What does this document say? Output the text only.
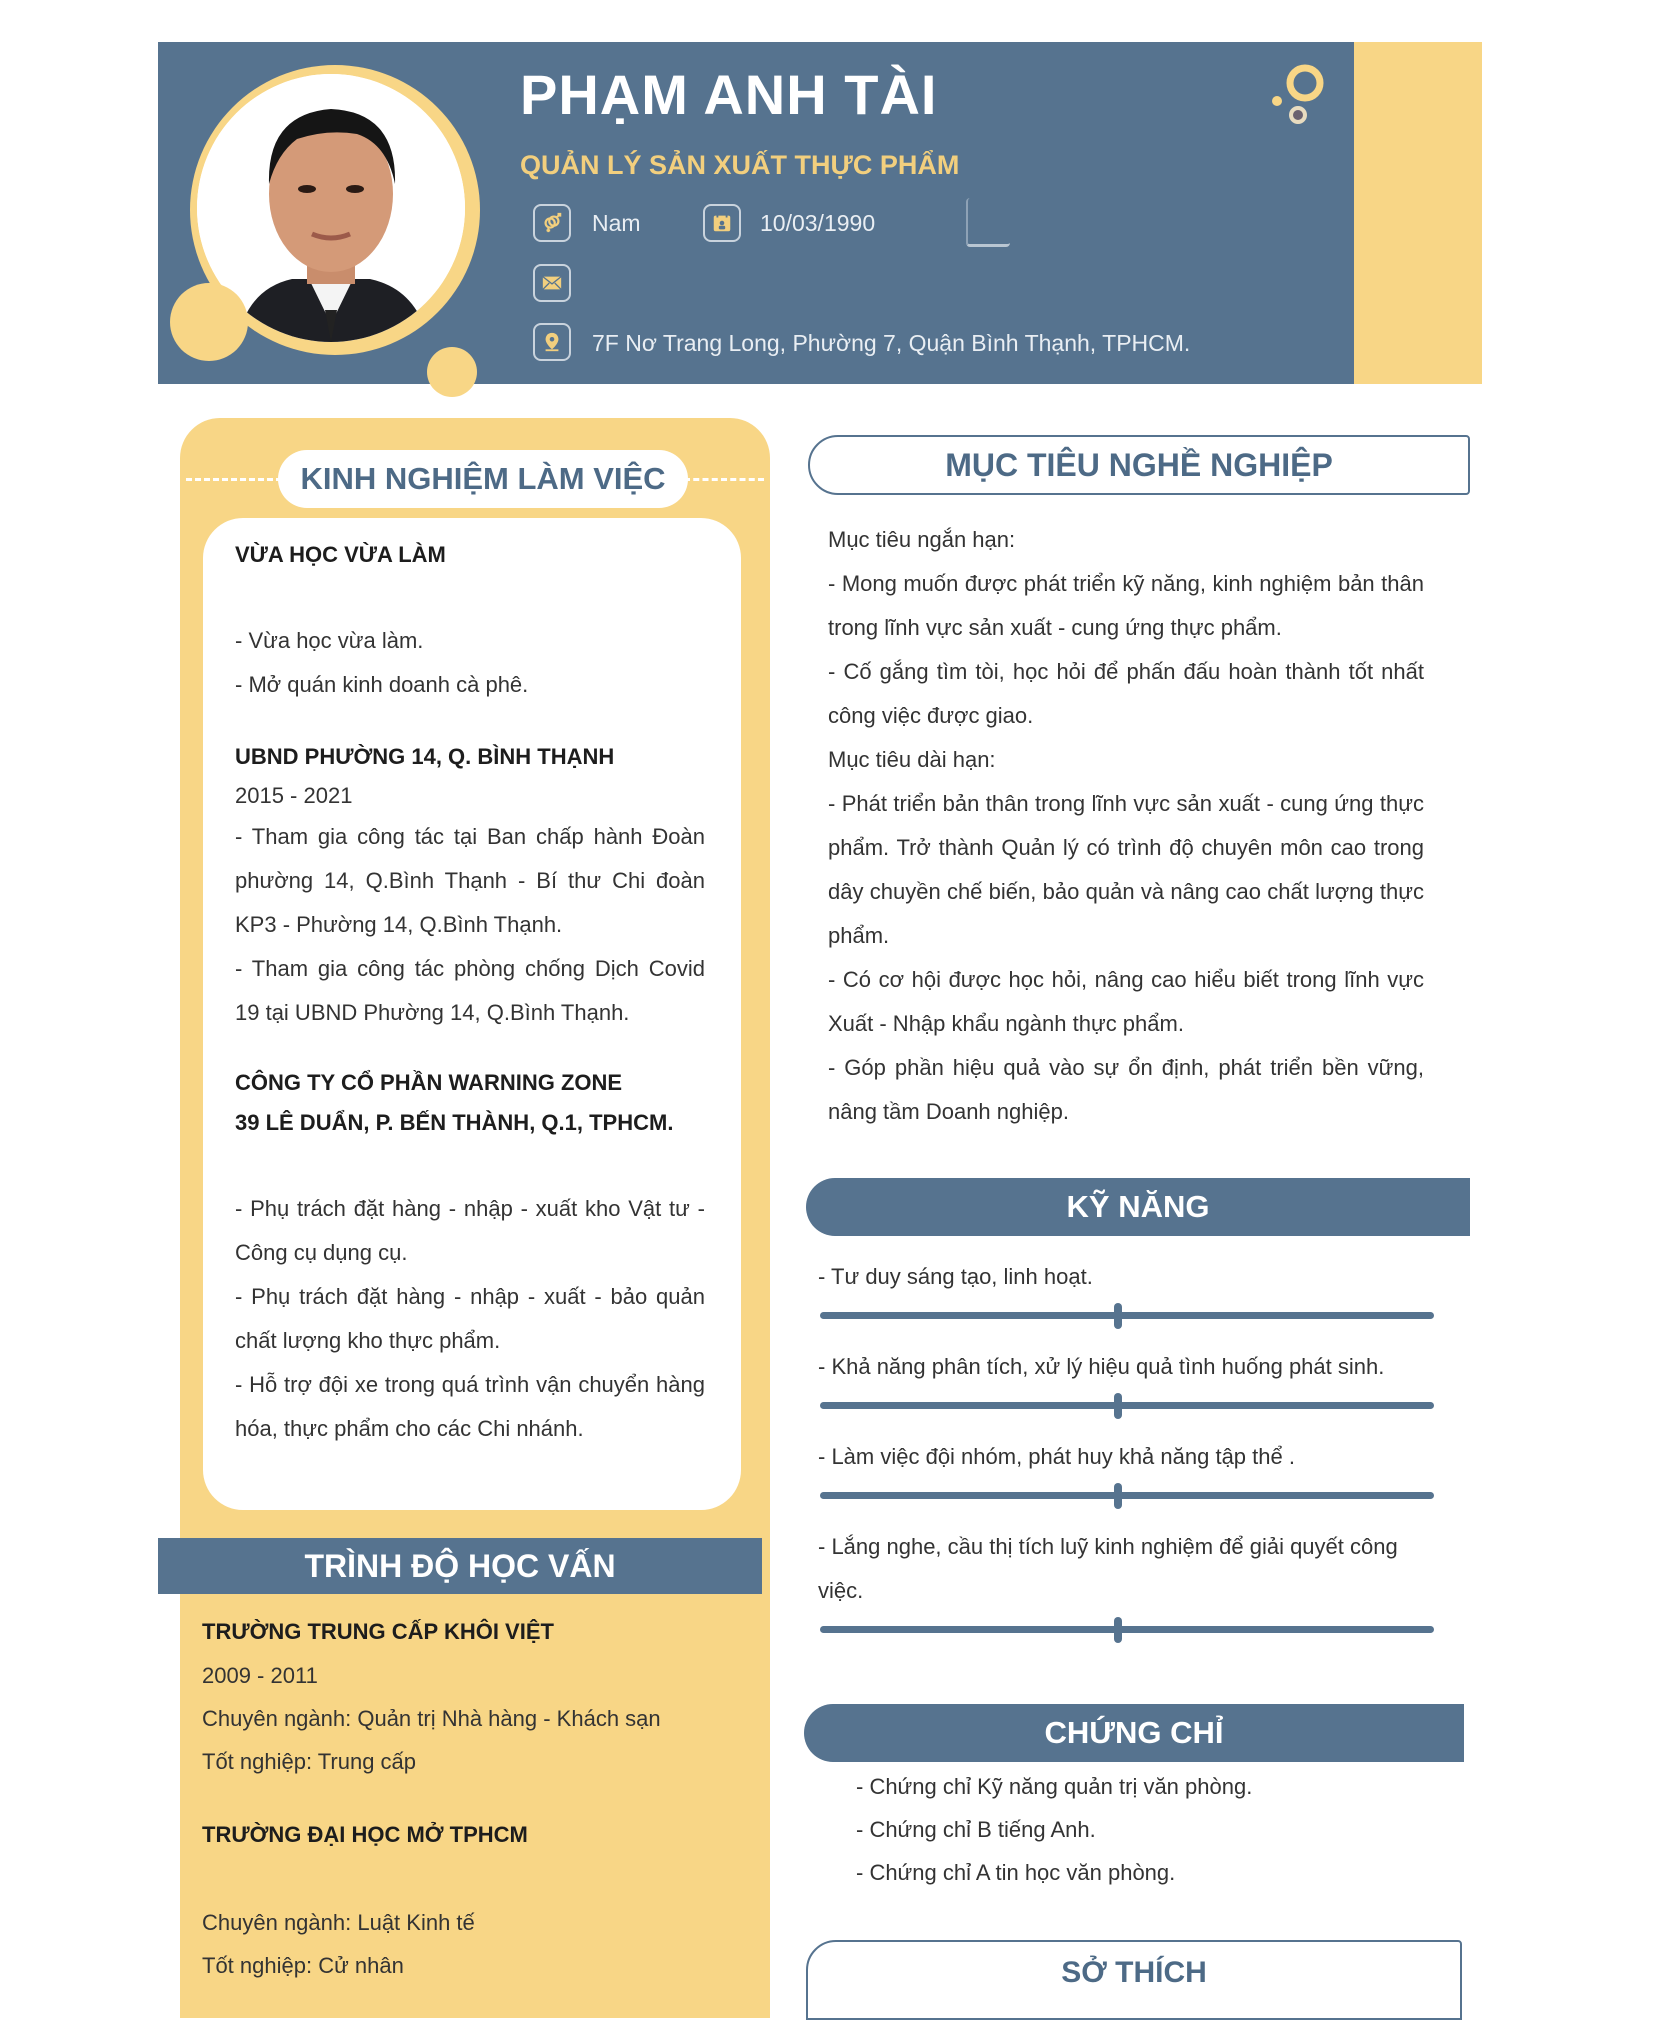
PHẠM ANH TÀI
QUẢN LÝ SẢN XUẤT THỰC PHẨM
Nam	10/03/1990
7F Nơ Trang Long, Phường 7, Quận Bình Thạnh, TPHCM.
KINH NGHIỆM LÀM VIỆC
VỪA HỌC VỪA LÀM
- Vừa học vừa làm.
- Mở quán kinh doanh cà phê.
UBND PHƯỜNG 14, Q. BÌNH THẠNH
2015 - 2021
- Tham gia công tác tại Ban chấp hành Đoàn phường 14, Q.Bình Thạnh - Bí thư Chi đoàn KP3 - Phường 14, Q.Bình Thạnh.
- Tham gia công tác phòng chống Dịch Covid 19 tại UBND Phường 14, Q.Bình Thạnh.
CÔNG TY CỔ PHẦN WARNING ZONE
39 LÊ DUẨN, P. BẾN THÀNH, Q.1, TPHCM.
- Phụ trách đặt hàng - nhập - xuất kho Vật tư - Công cụ dụng cụ.
- Phụ trách đặt hàng - nhập - xuất - bảo quản chất lượng kho thực phẩm.
- Hỗ trợ đội xe trong quá trình vận chuyển hàng hóa, thực phẩm cho các Chi nhánh.
TRÌNH ĐỘ HỌC VẤN
TRƯỜNG TRUNG CẤP KHÔI VIỆT
2009 - 2011
Chuyên ngành: Quản trị Nhà hàng - Khách sạn
Tốt nghiệp: Trung cấp
TRƯỜNG ĐẠI HỌC MỞ TPHCM
Chuyên ngành: Luật Kinh tế
Tốt nghiệp: Cử nhân
MỤC TIÊU NGHỀ NGHIỆP
Mục tiêu ngắn hạn:
- Mong muốn được phát triển kỹ năng, kinh nghiệm bản thân trong lĩnh vực sản xuất - cung ứng thực phẩm.
- Cố gắng tìm tòi, học hỏi để phấn đấu hoàn thành tốt nhất công việc được giao.
Mục tiêu dài hạn:
- Phát triển bản thân trong lĩnh vực sản xuất - cung ứng thực phẩm. Trở thành Quản lý có trình độ chuyên môn cao trong dây chuyền chế biến, bảo quản và nâng cao chất lượng thực phẩm.
- Có cơ hội được học hỏi, nâng cao hiểu biết trong lĩnh vực Xuất - Nhập khẩu ngành thực phẩm.
- Góp phần hiệu quả vào sự ổn định, phát triển bền vững, nâng tầm Doanh nghiệp.
KỸ NĂNG
- Tư duy sáng tạo, linh hoạt.
- Khả năng phân tích, xử lý hiệu quả tình huống phát sinh.
- Làm việc đội nhóm, phát huy khả năng tập thể .
- Lắng nghe, cầu thị tích luỹ kinh nghiệm để giải quyết công việc.
CHỨNG CHỈ
- Chứng chỉ Kỹ năng quản trị văn phòng.
- Chứng chỉ B tiếng Anh.
- Chứng chỉ A tin học văn phòng.
SỞ THÍCH
